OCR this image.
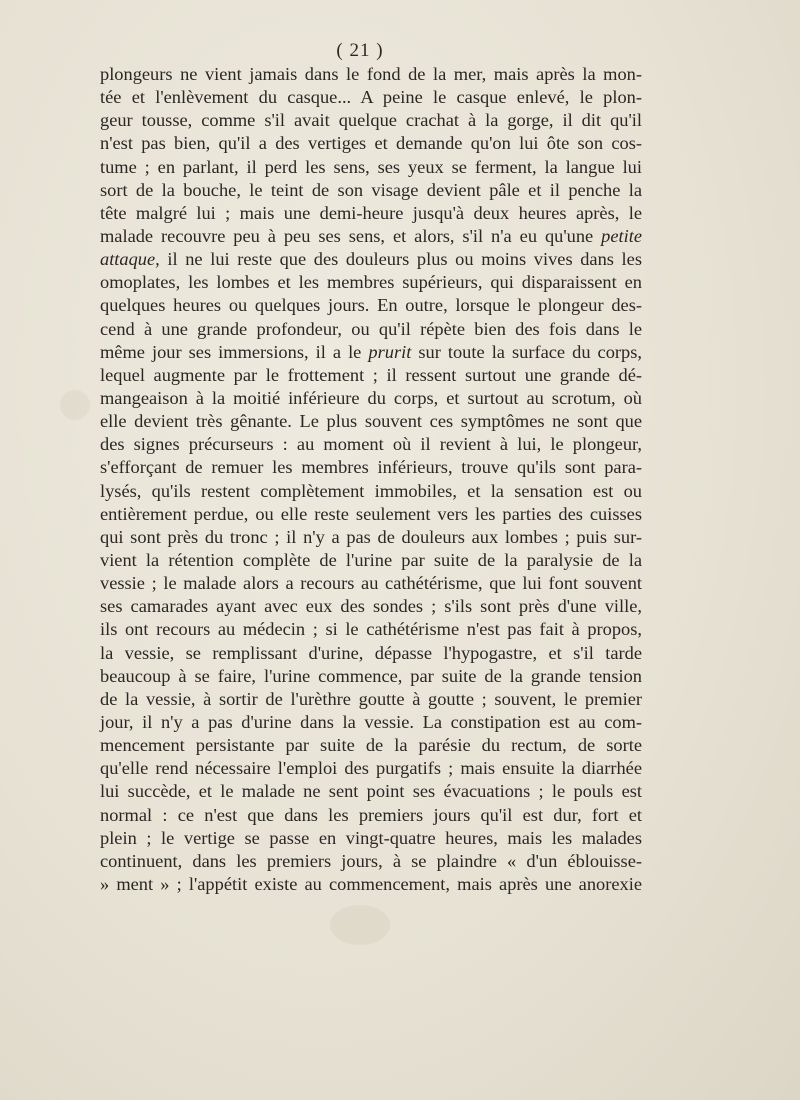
( 21 )
plongeurs ne vient jamais dans le fond de la mer, mais après la mon-
tée et l'enlèvement du casque... A peine le casque enlevé, le plon-
geur tousse, comme s'il avait quelque crachat à la gorge, il dit qu'il
n'est pas bien, qu'il a des vertiges et demande qu'on lui ôte son cos-
tume ; en parlant, il perd les sens, ses yeux se ferment, la langue lui
sort de la bouche, le teint de son visage devient pâle et il penche la
tête malgré lui ; mais une demi-heure jusqu'à deux heures après, le
malade recouvre peu à peu ses sens, et alors, s'il n'a eu qu'une petite
attaque, il ne lui reste que des douleurs plus ou moins vives dans les
omoplates, les lombes et les membres supérieurs, qui disparaissent en
quelques heures ou quelques jours. En outre, lorsque le plongeur des-
cend à une grande profondeur, ou qu'il répète bien des fois dans le
même jour ses immersions, il a le prurit sur toute la surface du corps,
lequel augmente par le frottement ; il ressent surtout une grande dé-
mangeaison à la moitié inférieure du corps, et surtout au scrotum, où
elle devient très gênante. Le plus souvent ces symptômes ne sont que
des signes précurseurs : au moment où il revient à lui, le plongeur,
s'efforçant de remuer les membres inférieurs, trouve qu'ils sont para-
lysés, qu'ils restent complètement immobiles, et la sensation est ou
entièrement perdue, ou elle reste seulement vers les parties des cuisses
qui sont près du tronc ; il n'y a pas de douleurs aux lombes ; puis sur-
vient la rétention complète de l'urine par suite de la paralysie de la
vessie ; le malade alors a recours au cathétérisme, que lui font souvent
ses camarades ayant avec eux des sondes ; s'ils sont près d'une ville,
ils ont recours au médecin ; si le cathétérisme n'est pas fait à propos,
la vessie, se remplissant d'urine, dépasse l'hypogastre, et s'il tarde
beaucoup à se faire, l'urine commence, par suite de la grande tension
de la vessie, à sortir de l'urèthre goutte à goutte ; souvent, le premier
jour, il n'y a pas d'urine dans la vessie. La constipation est au com-
mencement persistante par suite de la parésie du rectum, de sorte
qu'elle rend nécessaire l'emploi des purgatifs ; mais ensuite la diarrhée
lui succède, et le malade ne sent point ses évacuations ; le pouls est
normal : ce n'est que dans les premiers jours qu'il est dur, fort et
plein ; le vertige se passe en vingt-quatre heures, mais les malades
continuent, dans les premiers jours, à se plaindre « d'un éblouisse-
» ment » ; l'appétit existe au commencement, mais après une anorexie
